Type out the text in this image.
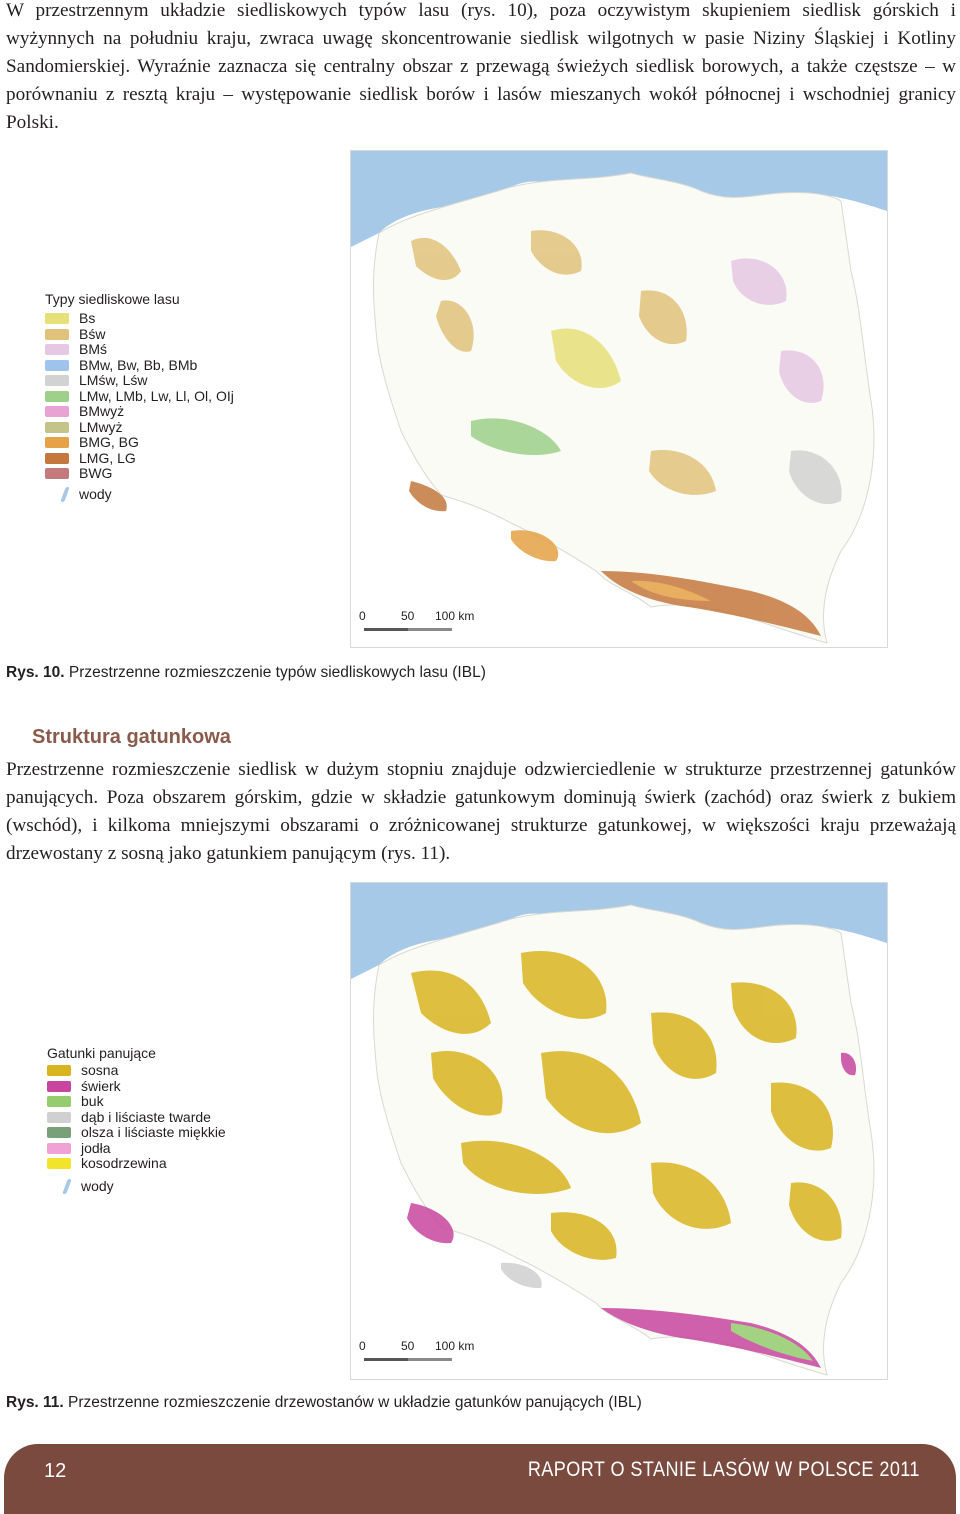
W przestrzennym układzie siedliskowych typów lasu (rys. 10), poza oczywistym skupieniem siedlisk górskich i wyżynnych na południu kraju, zwraca uwagę skoncentrowanie siedlisk wilgotnych w pasie Niziny Śląskiej i Kotliny Sandomierskiej. Wyraźnie zaznacza się centralny obszar z przewagą świeżych siedlisk borowych, a także częstsze – w porównaniu z resztą kraju – występowanie siedlisk borów i lasów mieszanych wokół północnej i wschodniej granicy Polski.

Typy siedliskowe lasu
Bs
Bśw
BMś
BMw, Bw, Bb, BMb
LMśw, Lśw
LMw, LMb, Lw, Ll, Ol, OIj
BMwyż
LMwyż
BMG, BG
LMG, LG
BWG
wody
0	50 100 km
Rys. 10. Przestrzenne rozmieszczenie typów siedliskowych lasu (IBL)
Struktura gatunkowa

Przestrzenne rozmieszczenie siedlisk w dużym stopniu znajduje odzwierciedlenie w strukturze przestrzennej gatunków panujących. Poza obszarem górskim, gdzie w składzie gatunkowym dominują świerk (zachód) oraz świerk z bukiem (wschód), i kilkoma mniejszymi obszarami o zróżnicowanej strukturze gatunkowej, w większości kraju przeważają drzewostany z sosną jako gatunkiem panującym (rys. 11).

Gatunki panujące
sosna
świerk
buk
dąb i liściaste twarde
olsza i liściaste miękkie
jodła
kosodrzewina
wody
0	50 100 km
Rys. 11. Przestrzenne rozmieszczenie drzewostanów w układzie gatunków panujących (IBL)
12	RAPORT O STANIE LASÓW W POLSCE 2011
